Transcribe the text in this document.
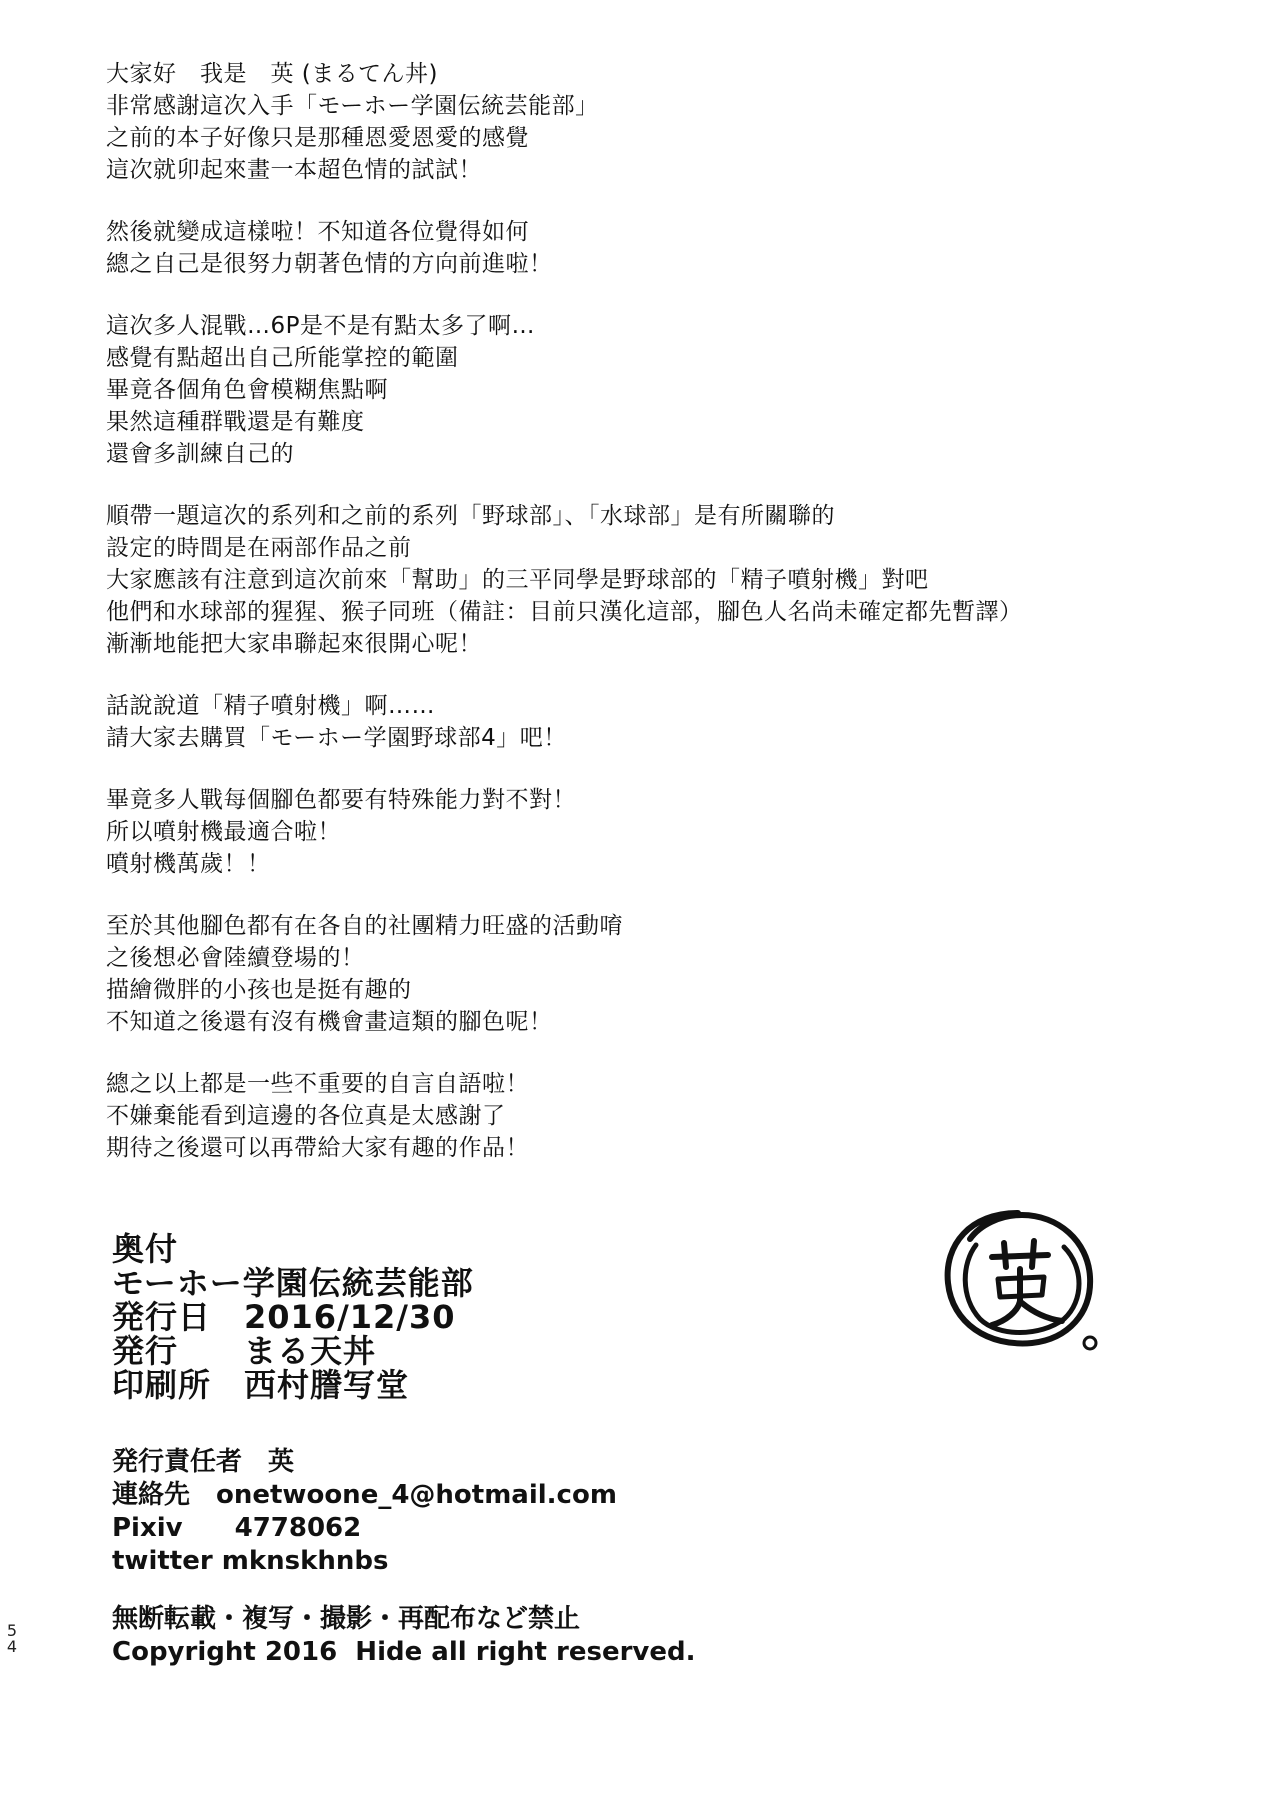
大家好　我是　英 (まるてん丼)
非常感謝這次入手「モーホー学園伝統芸能部」
之前的本子好像只是那種恩愛恩愛的感覺
這次就卯起來畫一本超色情的試試！
然後就變成這樣啦！不知道各位覺得如何
總之自己是很努力朝著色情的方向前進啦！
這次多人混戰…6P是不是有點太多了啊…
感覺有點超出自己所能掌控的範圍
畢竟各個角色會模糊焦點啊
果然這種群戰還是有難度
還會多訓練自己的
順帶一題這次的系列和之前的系列「野球部」、「水球部」是有所關聯的
設定的時間是在兩部作品之前
大家應該有注意到這次前來「幫助」的三平同學是野球部的「精子噴射機」對吧
他們和水球部的猩猩、猴子同班（備註：目前只漢化這部，腳色人名尚未確定都先暫譯）
漸漸地能把大家串聯起來很開心呢！
話說說道「精子噴射機」啊……
請大家去購買「モーホー学園野球部4」吧！
畢竟多人戰每個腳色都要有特殊能力對不對！
所以噴射機最適合啦！
噴射機萬歲！！
至於其他腳色都有在各自的社團精力旺盛的活動唷
之後想必會陸續登場的！
描繪微胖的小孩也是挺有趣的
不知道之後還有沒有機會畫這類的腳色呢！
總之以上都是一些不重要的自言自語啦！
不嫌棄能看到這邊的各位真是太感謝了
期待之後還可以再帶給大家有趣的作品！
奥付
モーホー学園伝統芸能部
発行日　2016/12/30
発行　　まる天丼
印刷所　西村謄写堂
発行責任者　英
連絡先　onetwoone_4@hotmail.com
Pixiv　　4778062
twitter mknskhnbs
無断転載・複写・撮影・再配布など禁止
Copyright 2016  Hide all right reserved.
54
